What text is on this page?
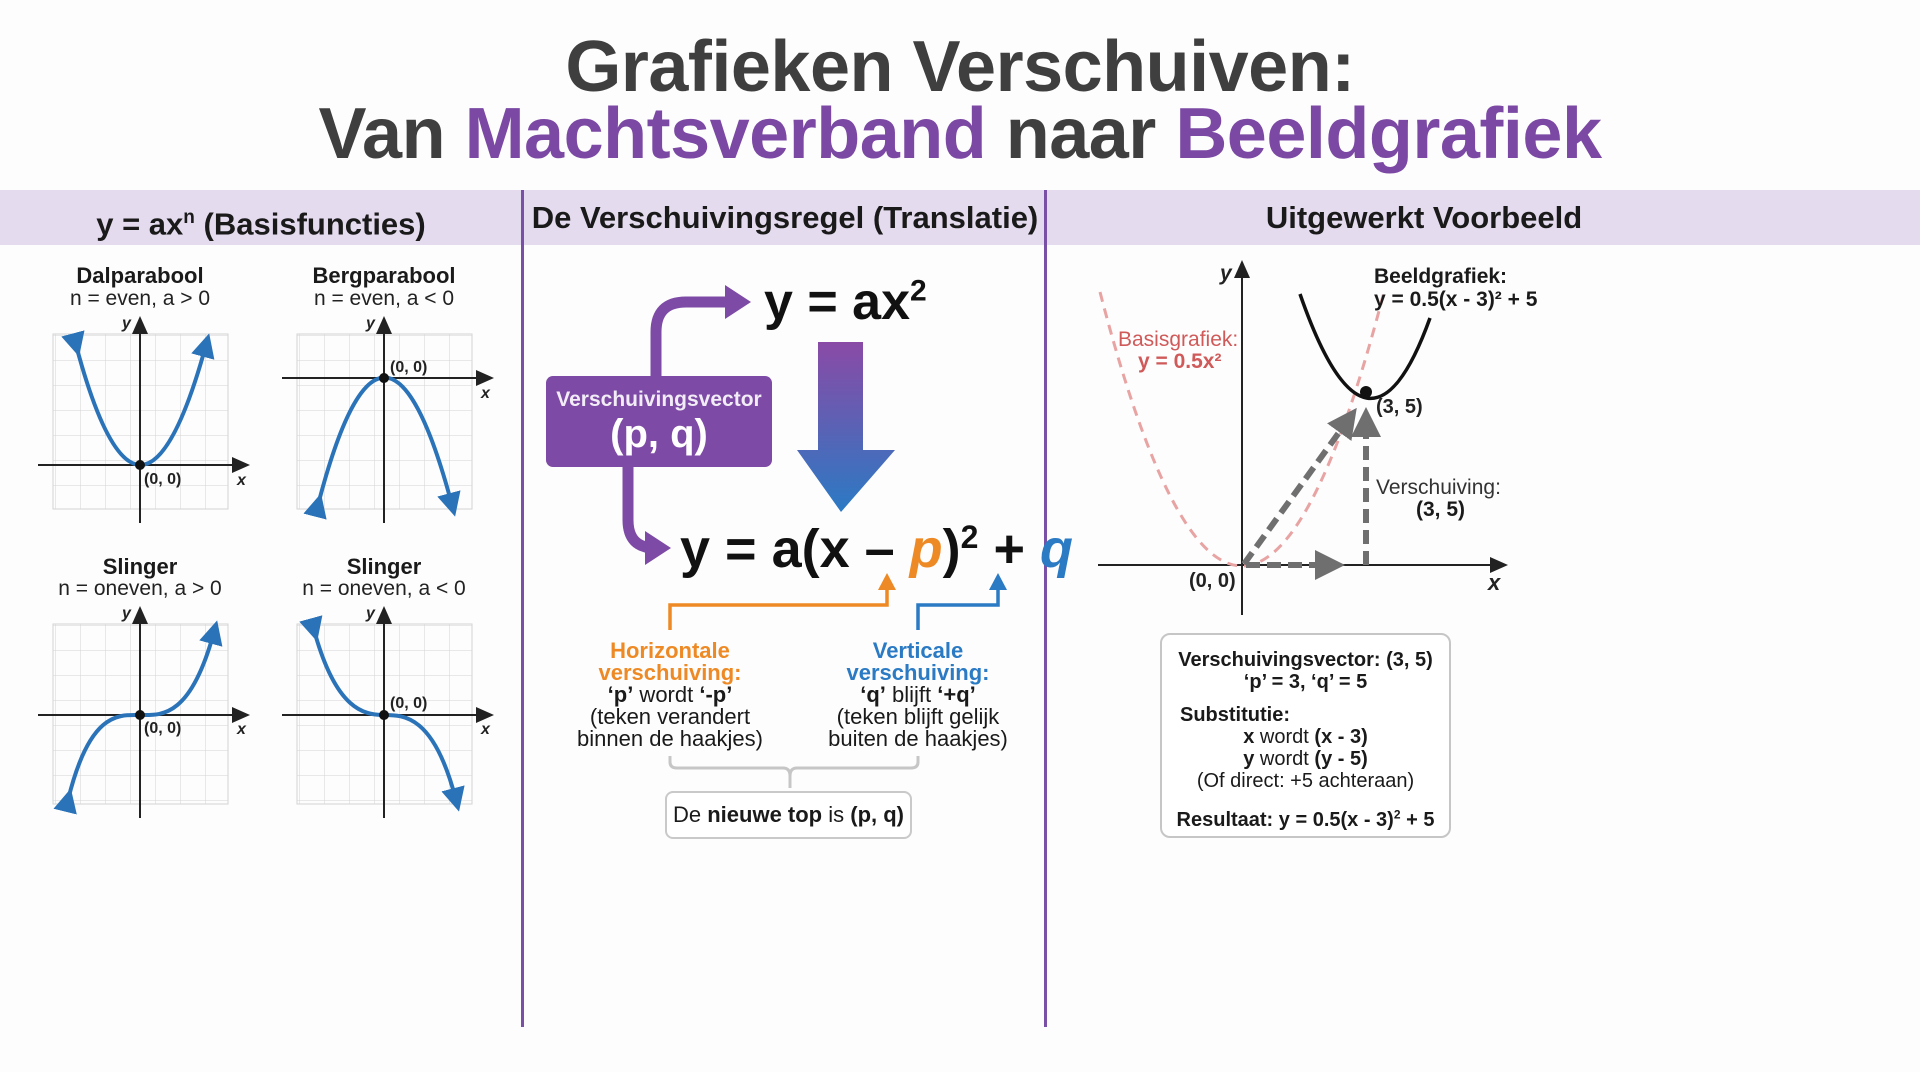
Grafieken Verschuiven:
Van Machtsverband naar Beeldgrafiek
$y = ax^n$ (Basisfuncties)	De Verschuivingsregel (Translatie)	Uitgewerkt Voorbeeld
Dalparabool
n = even, a > 0
(0, 0)	x
y
Bergparabool
n = even, a < 0
(0, 0)
x
y
Slinger
n = oneven, a > 0
(0, 0)	x
y
Slinger
n = oneven, a < 0
(0, 0)
x
y
Verschuivingsvector
(p, q)
$y = ax^2$
y = a(x – p)$^2$ + q
Horizontale
verschuiving:
‘p’ wordt ‘-p’
(teken verandert
binnen de haakjes)
Verticale
verschuiving:
‘q’ blijft ‘+q’
(teken blijft gelijk
buiten de haakjes)
De nieuwe top is (p, q)
y
x
(0, 0)
(3, 5)
Basisgrafiek:
y = 0.5x²
Beeldgrafiek:
y = 0.5(x - 3)² + 5
Verschuiving:
(3, 5)
Verschuivingsvector: (3, 5)
‘p’ = 3, ‘q’ = 5
Substitutie:
x wordt (x - 3)
y wordt (y - 5)
(Of direct: +5 achteraan)
Resultaat: y = 0.5(x - 3)$^2$ + 5
